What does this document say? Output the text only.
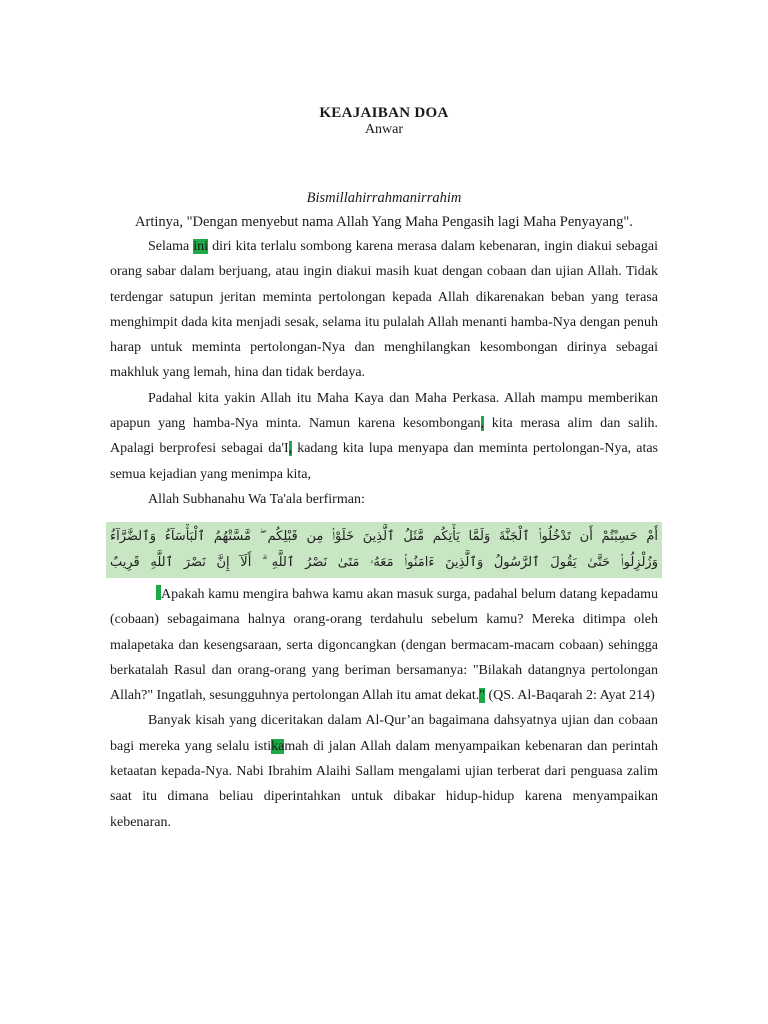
KEAJAIBAN DOA
Anwar
Bismillahirrahmanirrahim
Artinya, "Dengan menyebut nama Allah Yang Maha Pengasih lagi Maha Penyayang".

Selama ini diri kita terlalu sombong karena merasa dalam kebenaran, ingin diakui sebagai orang sabar dalam berjuang, atau ingin diakui masih kuat dengan cobaan dan ujian Allah. Tidak terdengar satupun jeritan meminta pertolongan kepada Allah dikarenakan beban yang terasa menghimpit dada kita menjadi sesak, selama itu pulalah Allah menanti hamba-Nya dengan penuh harap untuk meminta pertolongan-Nya dan menghilangkan kesombongan dirinya sebagai makhluk yang lemah, hina dan tidak berdaya.

Padahal kita yakin Allah itu Maha Kaya dan Maha Perkasa. Allah mampu memberikan apapun yang hamba-Nya minta. Namun karena kesombongan, kita merasa alim dan salih. Apalagi berprofesi sebagai da'I, kadang kita lupa menyapa dan meminta pertolongan-Nya, atas semua kejadian yang menimpa kita,

Allah Subhanahu Wa Ta'ala berfirman:

أَمْ حَسِبْتُمْ أَن تَدْخُلُوا۟ ٱلْجَنَّةَ وَلَمَّا يَأْتِكُم مَّثَلُ ٱلَّذِينَ خَلَوْا۟ مِن قَبْلِكُم ۖ مَّسَّتْهُمُ ٱلْبَأْسَآءُ وَٱلضَّرَّآءُ
وَزُلْزِلُوا۟ حَتَّىٰ يَقُولَ ٱلرَّسُولُ وَٱلَّذِينَ ءَامَنُوا۟ مَعَهُۥ مَتَىٰ نَصْرُ ٱللَّهِ ۗ أَلَآ إِنَّ نَصْرَ ٱللَّهِ قَرِيبٌ

Apakah kamu mengira bahwa kamu akan masuk surga, padahal belum datang kepadamu (cobaan) sebagaimana halnya orang-orang terdahulu sebelum kamu? Mereka ditimpa oleh malapetaka dan kesengsaraan, serta digoncangkan (dengan bermacam-macam cobaan) sehingga berkatalah Rasul dan orang-orang yang beriman bersamanya: "Bilakah datangnya pertolongan Allah?" Ingatlah, sesungguhnya pertolongan Allah itu amat dekat." (QS. Al-Baqarah 2: Ayat 214)

Banyak kisah yang diceritakan dalam Al-Qur’an bagaimana dahsyatnya ujian dan cobaan bagi mereka yang selalu istikamah di jalan Allah dalam menyampaikan kebenaran dan perintah ketaatan kepada-Nya. Nabi Ibrahim Alaihi Sallam mengalami ujian terberat dari penguasa zalim saat itu dimana beliau diperintahkan untuk dibakar hidup-hidup karena menyampaikan kebenaran.
